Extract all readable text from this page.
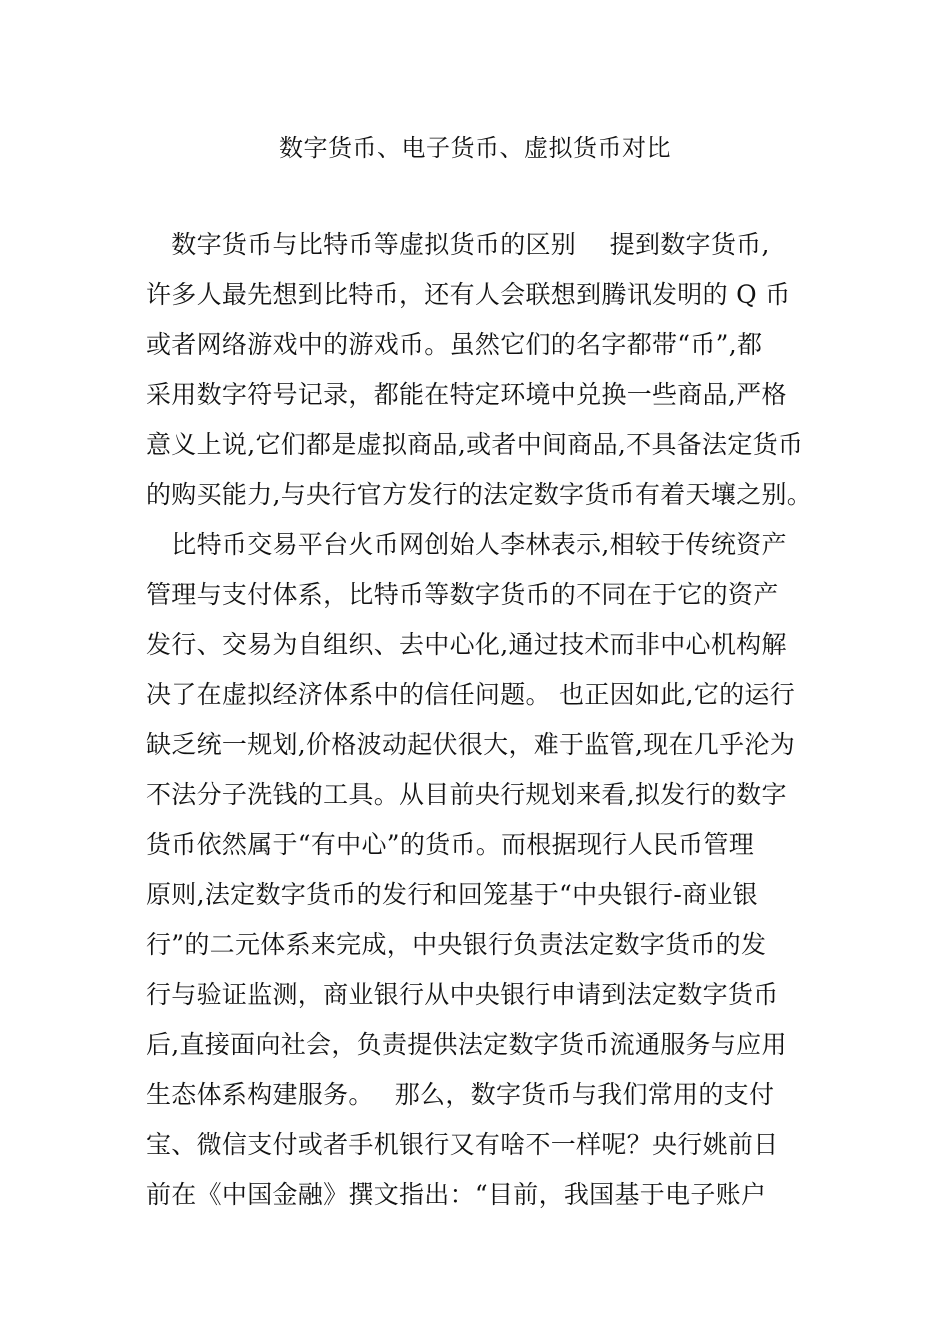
数字货币、电子货币、虚拟货币对比

　数字货币与比特币等虚拟货币的区别　 提到数字货币,

许多人最先想到比特币，还有人会联想到腾讯发明的 Q 币

或者网络游戏中的游戏币。虽然它们的名字都带“币”,都

采用数字符号记录，都能在特定环境中兑换一些商品,严格

意义上说,它们都是虚拟商品,或者中间商品,不具备法定货币

的购买能力,与央行官方发行的法定数字货币有着天壤之别。

　比特币交易平台火币网创始人李林表示,相较于传统资产

管理与支付体系，比特币等数字货币的不同在于它的资产

发行、交易为自组织、去中心化,通过技术而非中心机构解

决了在虚拟经济体系中的信任问题。 也正因如此,它的运行

缺乏统一规划,价格波动起伏很大，难于监管,现在几乎沦为

不法分子洗钱的工具。从目前央行规划来看,拟发行的数字

货币依然属于“有中心”的货币。而根据现行人民币管理

原则,法定数字货币的发行和回笼基于“中央银行-商业银

行”的二元体系来完成，中央银行负责法定数字货币的发

行与验证监测，商业银行从中央银行申请到法定数字货币

后,直接面向社会，负责提供法定数字货币流通服务与应用

生态体系构建服务。　 那么，数字货币与我们常用的支付

宝、微信支付或者手机银行又有啥不一样呢？央行姚前日

前在《中国金融》撰文指出：“目前，我国基于电子账户
